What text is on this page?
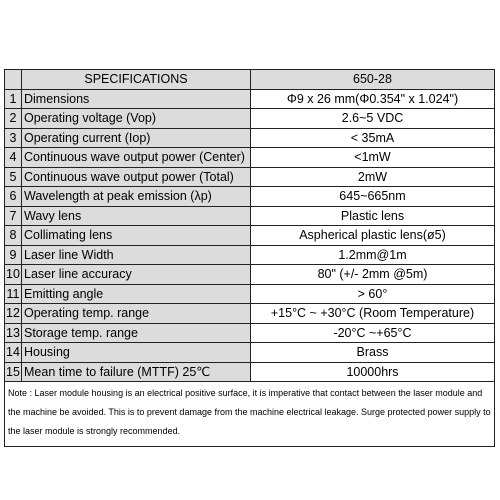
	SPECIFICATIONS	650-28
1	Dimensions	Φ9 x 26 mm(Φ0.354" x 1.024")
2	Operating voltage (Vop)	2.6~5 VDC
3	Operating current (Iop)	< 35mA
4	Continuous wave output power (Center)	<1mW
5	Continuous wave output power (Total)	2mW
6	Wavelength at peak emission (λp)	645~665nm
7	Wavy lens	Plastic lens
8	Collimating lens	Aspherical plastic lens(ø5)
9	Laser line Width	1.2mm@1m
10	Laser line accuracy	80" (+/- 2mm @5m)
11	Emitting angle	> 60°
12	Operating temp. range	+15°C ~ +30°C (Room Temperature)
13	Storage temp. range	-20°C ~+65°C
14	Housing	Brass
15	Mean time to failure (MTTF) 25℃	10000hrs
Note : Laser module housing is an electrical positive surface, it is imperative that contact between the laser module and the machine be avoided. This is to prevent damage from the machine electrical leakage. Surge protected power supply to the laser module is strongly recommended.
